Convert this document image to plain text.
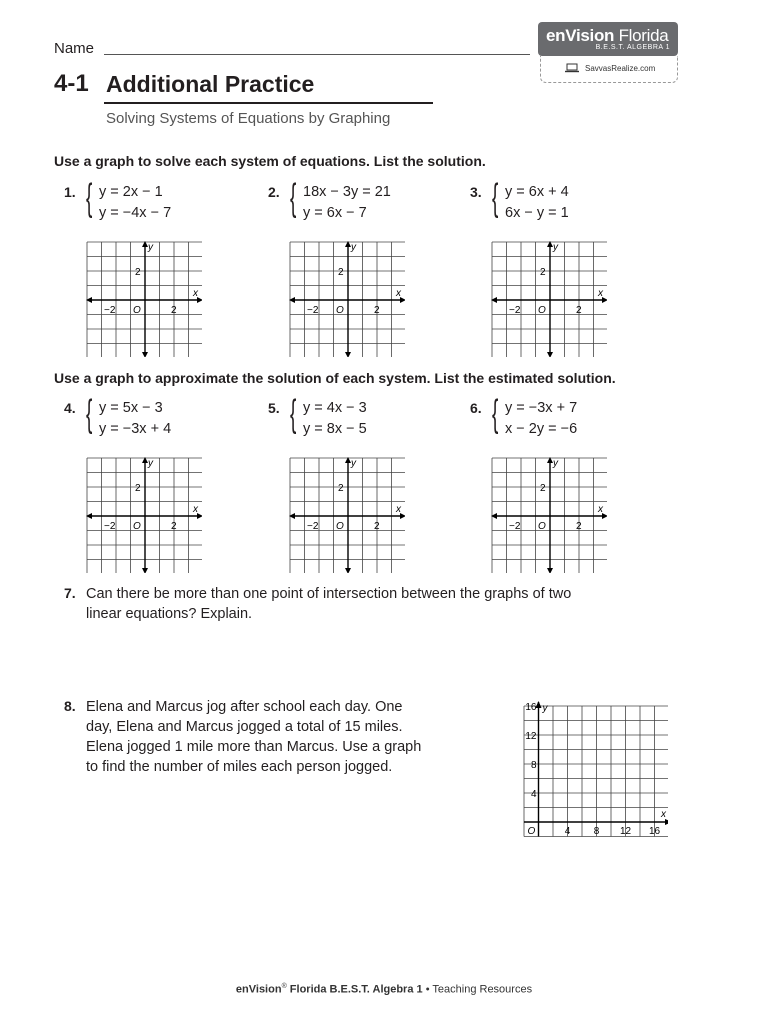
Name
enVision Florida
B.E.S.T. ALGEBRA 1
SavvasRealize.com
4-1 Additional Practice
Solving Systems of Equations by Graphing
Use a graph to solve each system of equations. List the solution.
1. { y = 2x − 1
y = −4x − 7
2. { 18x − 3y = 21
y = 6x − 7
3. { y = 6x + 4
6x − y = 1
y
x
2
−2 O	2
y
x
2
−2 O	2
y
x
2
−2 O	2
Use a graph to approximate the solution of each system. List the estimated solution.
4. { y = 5x − 3
y = −3x + 4
5. { y = 4x − 3
y = 8x − 5
6. { y = −3x + 7
x − 2y = −6
y
x
2
−2 O	2
y
x
2
−2 O	2
y
x
2
−2 O	2
7. Can there be more than one point of intersection between the graphs of two
linear equations? Explain.
8. Elena and Marcus jog after school each day. One
day, Elena and Marcus jogged a total of 15 miles.
Elena jogged 1 mile more than Marcus. Use a graph
to find the number of miles each person jogged.
y
x
O
4
8
12
16
4 8 12 16
enVision® Florida B.E.S.T. Algebra 1 • Teaching Resources
